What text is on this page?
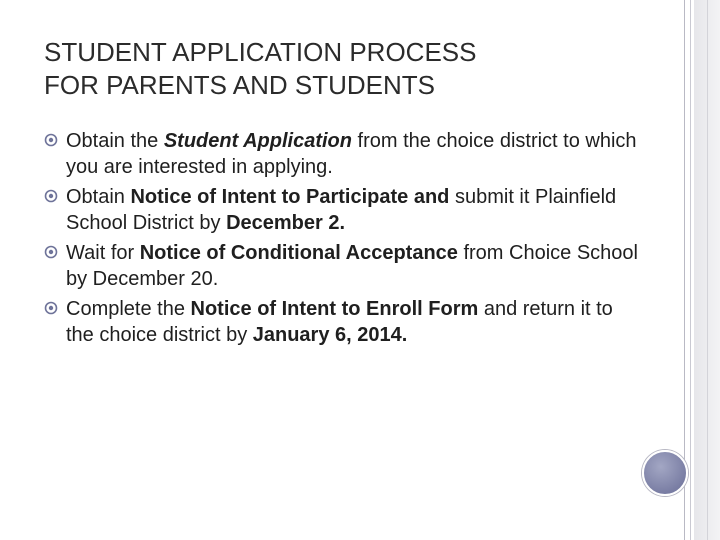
STUDENT APPLICATION PROCESS
FOR PARENTS AND STUDENTS
Obtain the Student Application from the choice district to which you are interested in applying.
Obtain Notice of Intent to Participate and submit it Plainfield School District by December 2.
Wait for Notice of Conditional Acceptance from Choice School by December 20.
Complete the Notice of Intent to Enroll Form and return it to the choice district by January 6, 2014.
